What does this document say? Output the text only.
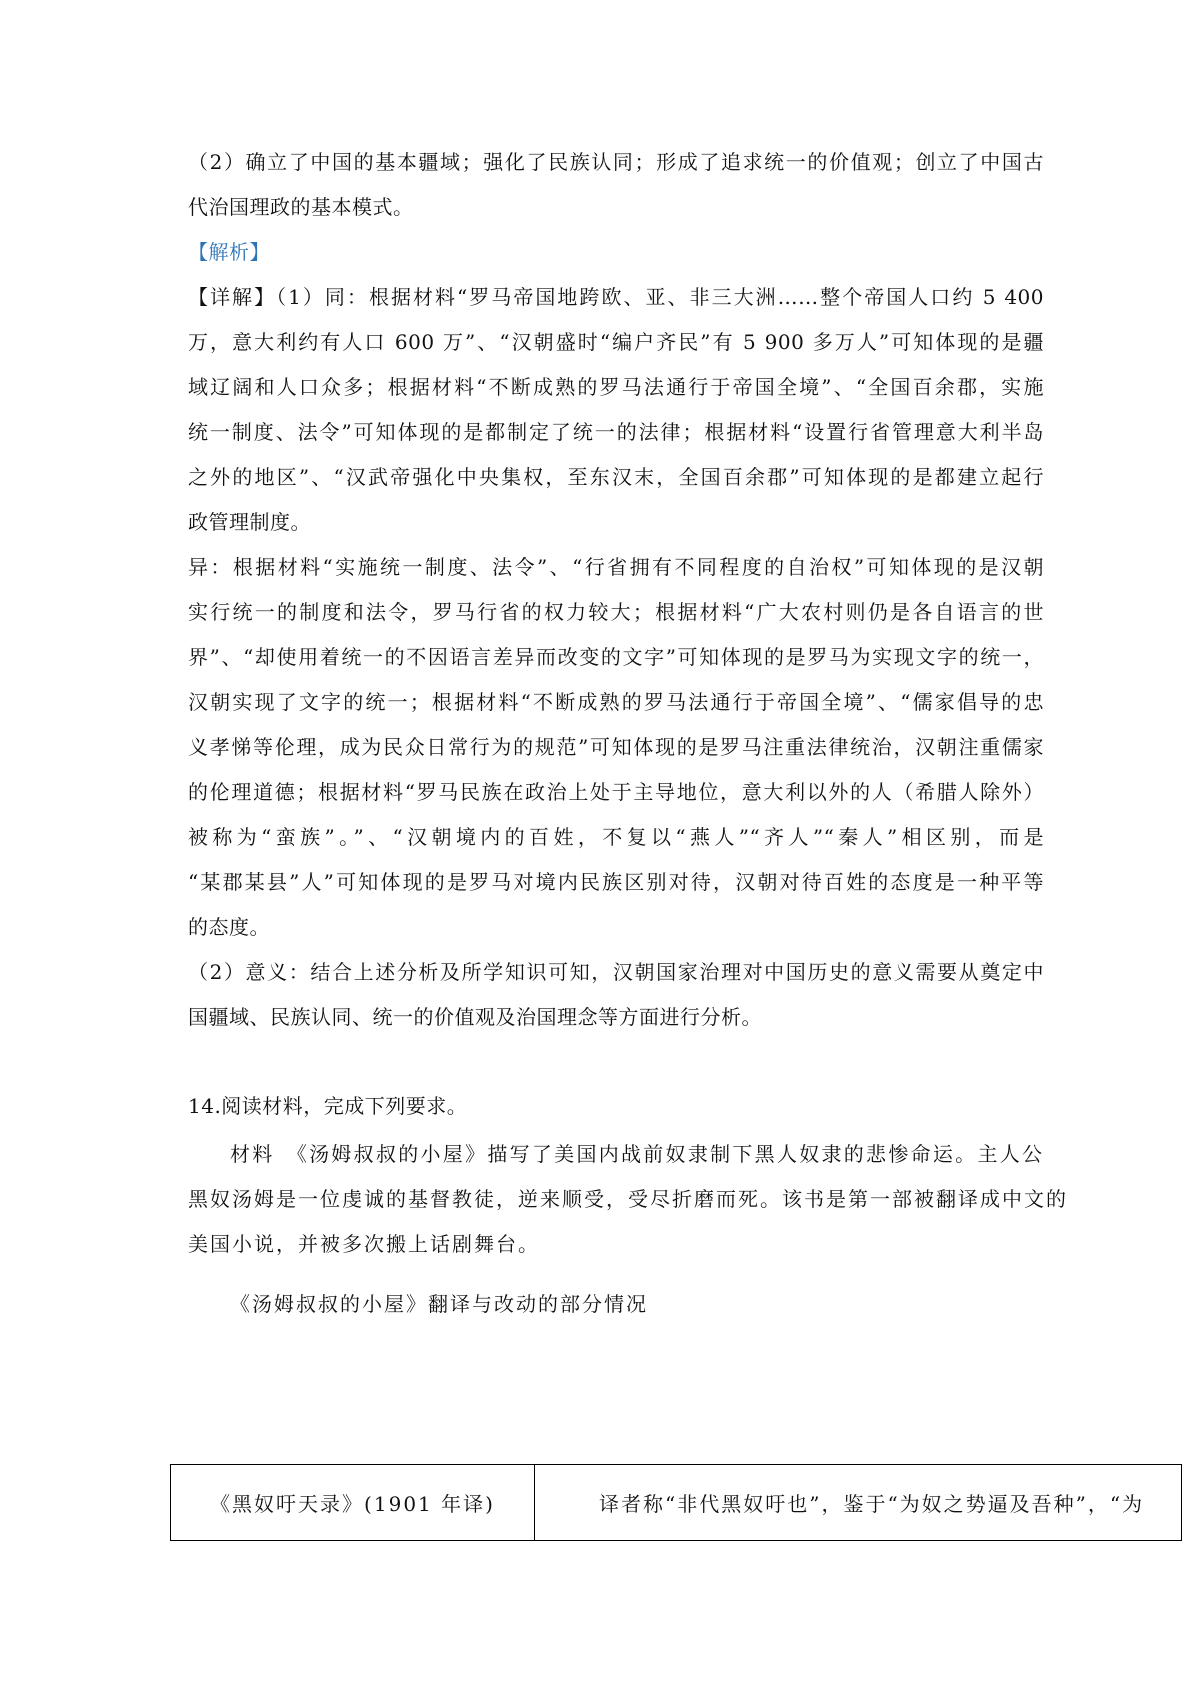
（2）确立了中国的基本疆域；强化了民族认同；形成了追求统一的价值观；创立了中国古
代治国理政的基本模式。
【解析】
【详解】（1）同：根据材料“罗马帝国地跨欧、亚、非三大洲……整个帝国人口约 5 400
万，意大利约有人口 600 万”、“汉朝盛时“编户齐民”有 5 900 多万人”可知体现的是疆
域辽阔和人口众多；根据材料“不断成熟的罗马法通行于帝国全境”、“全国百余郡，实施
统一制度、法令”可知体现的是都制定了统一的法律；根据材料“设置行省管理意大利半岛
之外的地区”、“汉武帝强化中央集权，至东汉末，全国百余郡”可知体现的是都建立起行
政管理制度。
异：根据材料“实施统一制度、法令”、“行省拥有不同程度的自治权”可知体现的是汉朝
实行统一的制度和法令，罗马行省的权力较大；根据材料“广大农村则仍是各自语言的世
界”、“却使用着统一的不因语言差异而改变的文字”可知体现的是罗马为实现文字的统一，
汉朝实现了文字的统一；根据材料“不断成熟的罗马法通行于帝国全境”、“儒家倡导的忠
义孝悌等伦理，成为民众日常行为的规范”可知体现的是罗马注重法律统治，汉朝注重儒家
的伦理道德；根据材料“罗马民族在政治上处于主导地位，意大利以外的人（希腊人除外）
被称为“蛮族”。”、“汉朝境内的百姓，不复以“燕人”“齐人”“秦人”相区别，而是
“某郡某县”人”可知体现的是罗马对境内民族区别对待，汉朝对待百姓的态度是一种平等
的态度。
（2）意义：结合上述分析及所学知识可知，汉朝国家治理对中国历史的意义需要从奠定中
国疆域、民族认同、统一的价值观及治国理念等方面进行分析。
14.阅读材料，完成下列要求。
材料　《汤姆叔叔的小屋》描写了美国内战前奴隶制下黑人奴隶的悲惨命运。主人公
黑奴汤姆是一位虔诚的基督教徒，逆来顺受，受尽折磨而死。该书是第一部被翻译成中文的
美国小说，并被多次搬上话剧舞台。
《汤姆叔叔的小屋》翻译与改动的部分情况
《黑奴吁天录》(1901 年译)	译者称“非代黑奴吁也”，鉴于“为奴之势逼及吾种”，“为
